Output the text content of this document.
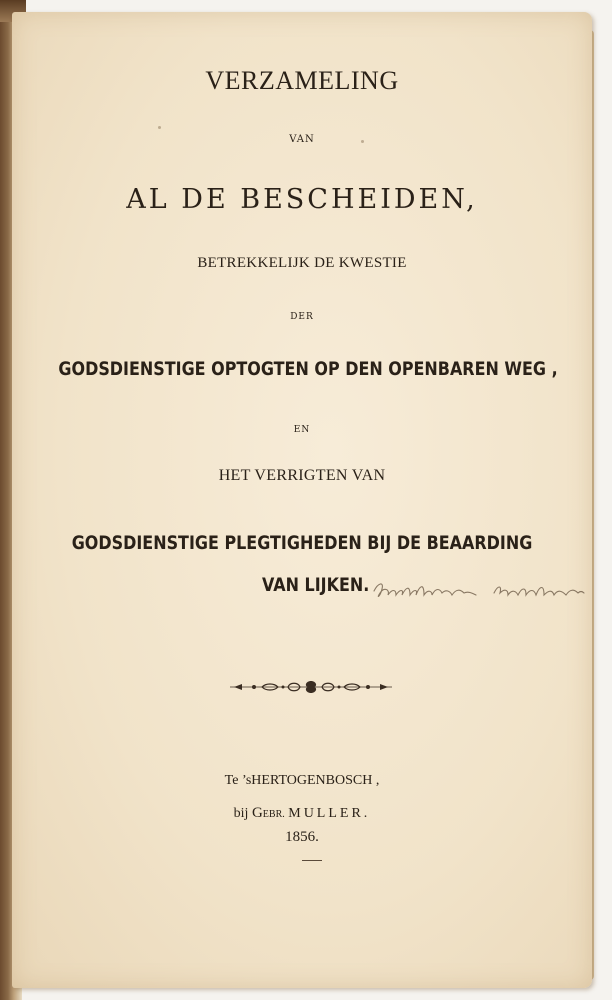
VERZAMELING
VAN
AL DE BESCHEIDEN,
BETREKKELIJK DE KWESTIE
DER
GODSDIENSTIGE OPTOGTEN OP DEN OPENBAREN WEG ,
EN
HET VERRIGTEN VAN
GODSDIENSTIGE PLEGTIGHEDEN BIJ DE BEAARDING
VAN LIJKEN.
Te ’sHERTOGENBOSCH ,
bij GEBR. MULLER.
1856.
